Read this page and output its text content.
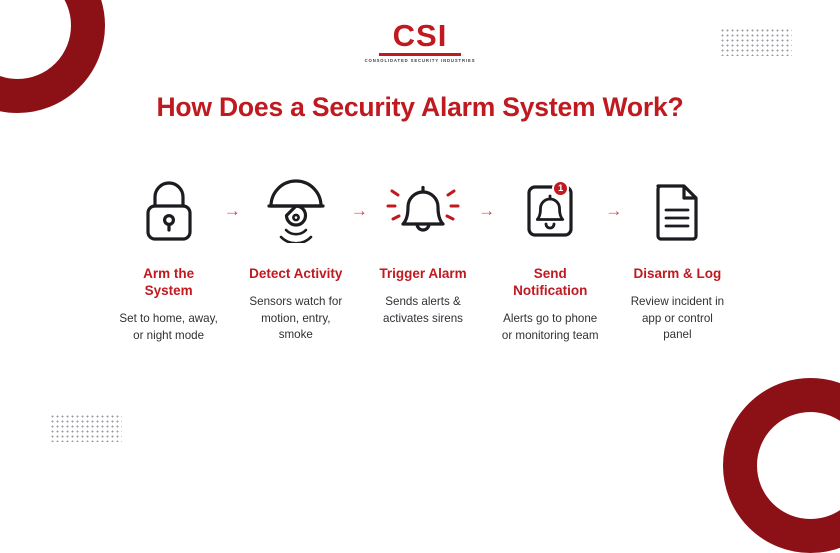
CSI
CONSOLIDATED SECURITY INDUSTRIES
How Does a Security Alarm System Work?
Arm the System
Set to home, away, or night mode
→
Detect Activity
Sensors watch for motion, entry, smoke
→
Trigger Alarm
Sends alerts & activates sirens
→
1
Send Notification
Alerts go to phone or monitoring team
→
Disarm & Log
Review incident in app or control panel
